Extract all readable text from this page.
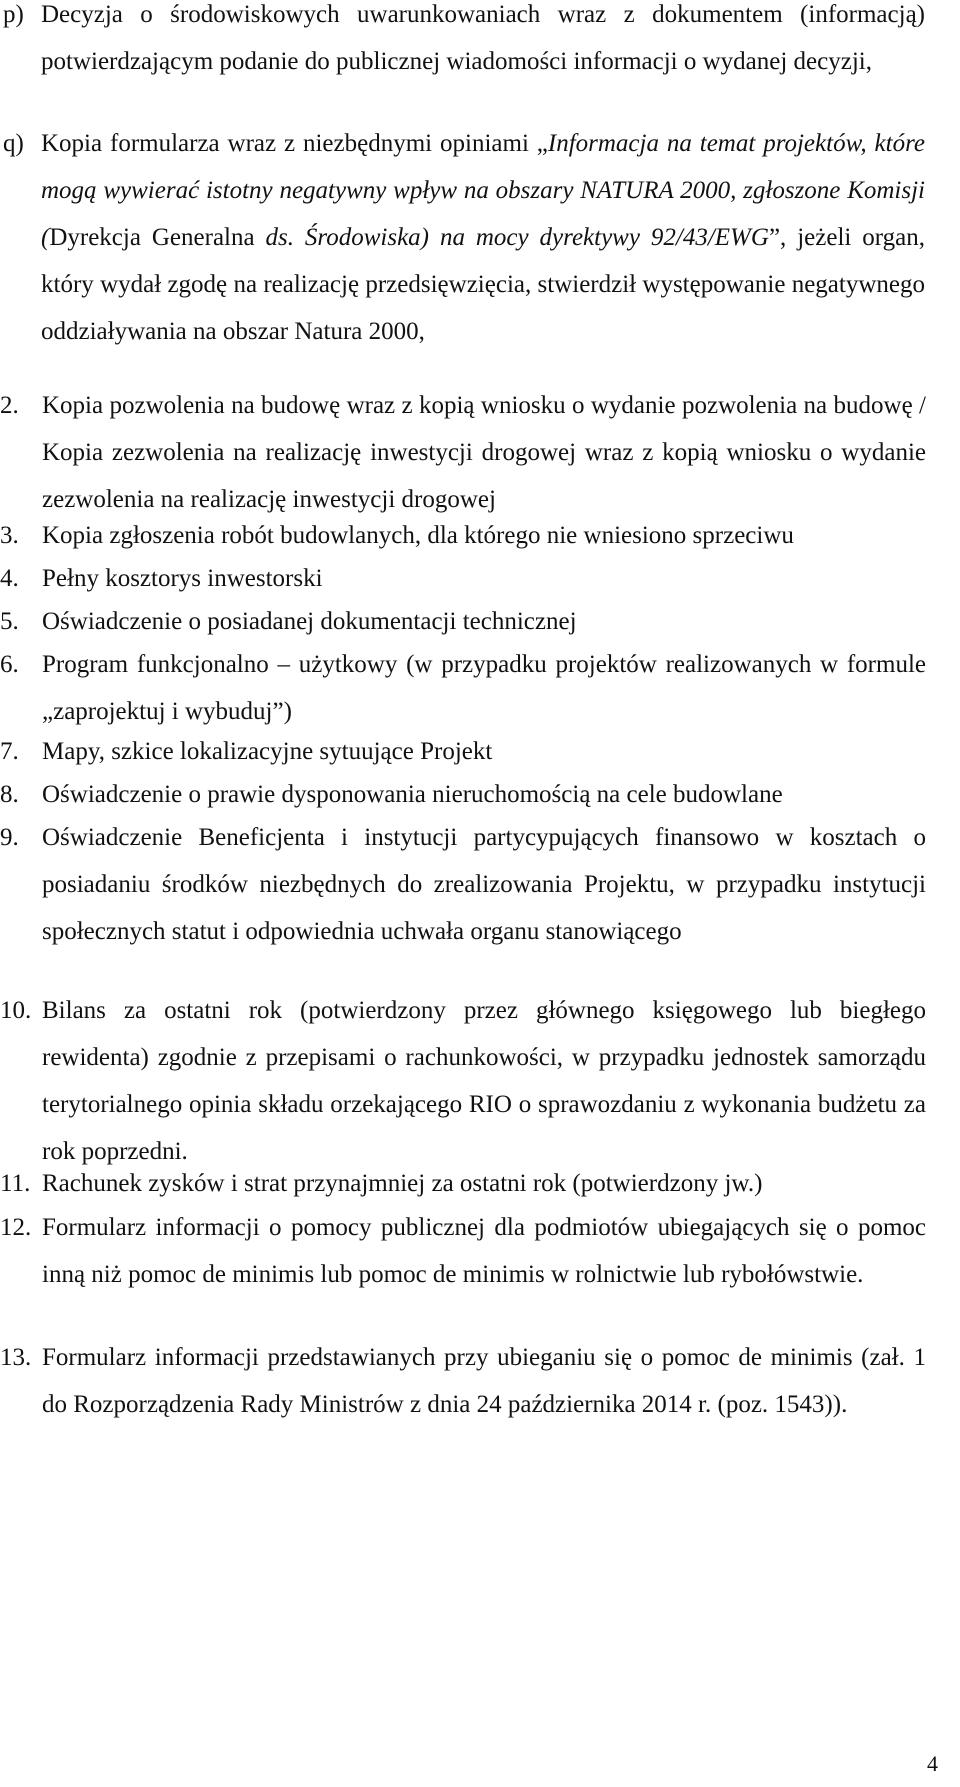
p) Decyzja o środowiskowych uwarunkowaniach wraz z dokumentem (informacją) potwierdzającym podanie do publicznej wiadomości informacji o wydanej decyzji,
q) Kopia formularza wraz z niezbędnymi opiniami „Informacja na temat projektów, które mogą wywierać istotny negatywny wpływ na obszary NATURA 2000, zgłoszone Komisji (Dyrekcja Generalna ds. Środowiska) na mocy dyrektywy 92/43/EWG”, jeżeli organ, który wydał zgodę na realizację przedsięwzięcia, stwierdził występowanie negatywnego oddziaływania na obszar Natura 2000,
2. Kopia pozwolenia na budowę wraz z kopią wniosku o wydanie pozwolenia na budowę / Kopia zezwolenia na realizację inwestycji drogowej wraz z kopią wniosku o wydanie zezwolenia na realizację inwestycji drogowej
3. Kopia zgłoszenia robót budowlanych, dla którego nie wniesiono sprzeciwu
4. Pełny kosztorys inwestorski
5. Oświadczenie o posiadanej dokumentacji technicznej
6. Program funkcjonalno – użytkowy (w przypadku projektów realizowanych w formule „zaprojektuj i wybuduj”)
7. Mapy, szkice lokalizacyjne sytuujące Projekt
8. Oświadczenie o prawie dysponowania nieruchomością na cele budowlane
9. Oświadczenie Beneficjenta i instytucji partycypujących finansowo w kosztach o posiadaniu środków niezbędnych do zrealizowania Projektu, w przypadku instytucji społecznych statut i odpowiednia uchwała organu stanowiącego
10. Bilans za ostatni rok (potwierdzony przez głównego księgowego lub biegłego rewidenta) zgodnie z przepisami o rachunkowości, w przypadku jednostek samorządu terytorialnego opinia składu orzekającego RIO o sprawozdaniu z wykonania budżetu za rok poprzedni.
11. Rachunek zysków i strat przynajmniej za ostatni rok (potwierdzony jw.)
12. Formularz informacji o pomocy publicznej dla podmiotów ubiegających się o pomoc inną niż pomoc de minimis lub pomoc de minimis w rolnictwie lub rybołówstwie.
13. Formularz informacji przedstawianych przy ubieganiu się o pomoc de minimis (zał. 1 do Rozporządzenia Rady Ministrów z dnia 24 października 2014 r. (poz. 1543)).
4
